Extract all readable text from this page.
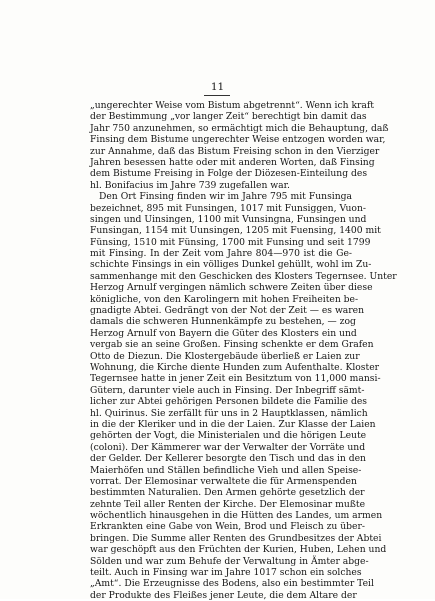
11
„ungerechter Weise vom Bistum abgetrennt“. Wenn ich kraft
der Bestimmung „vor langer Zeit“ berechtigt bin damit das
Jahr 750 anzunehmen, so ermächtigt mich die Behauptung, daß
Finsing dem Bistume ungerechter Weise entzogen worden war,
zur Annahme, daß das Bistum Freising schon in den Vierziger
Jahren besessen hatte oder mit anderen Worten, daß Finsing
dem Bistume Freising in Folge der Diözesen-Einteilung des
hl. Bonifacius im Jahre 739 zugefallen war.
Den Ort Finsing finden wir im Jahre 795 mit Funsinga
bezeichnet, 895 mit Funsingen, 1017 mit Funsiggen, Vuon-
singen und Uinsingen, 1100 mit Vunsingna, Funsingen und
Funsingan, 1154 mit Uunsingen, 1205 mit Fuensing, 1400 mit
Fünsing, 1510 mit Fünsing, 1700 mit Funsing und seit 1799
mit Finsing. In der Zeit vom Jahre 804—970 ist die Ge-
schichte Finsings in ein völliges Dunkel gehüllt, wohl im Zu-
sammenhange mit den Geschicken des Klosters Tegernsee. Unter
Herzog Arnulf vergingen nämlich schwere Zeiten über diese
königliche, von den Karolingern mit hohen Freiheiten be-
gnadigte Abtei. Gedrängt von der Not der Zeit — es waren
damals die schweren Hunnenkämpfe zu bestehen, — zog
Herzog Arnulf von Bayern die Güter des Klosters ein und
vergab sie an seine Großen. Finsing schenkte er dem Grafen
Otto de Diezun. Die Klostergebäude überließ er Laien zur
Wohnung, die Kirche diente Hunden zum Aufenthalte. Kloster
Tegernsee hatte in jener Zeit ein Besitztum von 11,000 mansi-
Gütern, darunter viele auch in Finsing. Der Inbegriff sämt-
licher zur Abtei gehörigen Personen bildete die Familie des
hl. Quirinus. Sie zerfällt für uns in 2 Hauptklassen, nämlich
in die der Kleriker und in die der Laien. Zur Klasse der Laien
gehörten der Vogt, die Ministerialen und die hörigen Leute
(coloni). Der Kämmerer war der Verwalter der Vorräte und
der Gelder. Der Kellerer besorgte den Tisch und das in den
Maierhöfen und Ställen befindliche Vieh und allen Speise-
vorrat. Der Elemosinar verwaltete die für Armenspenden
bestimmten Naturalien. Den Armen gehörte gesetzlich der
zehnte Teil aller Renten der Kirche. Der Elemosinar mußte
wöchentlich hinausgehen in die Hütten des Landes, um armen
Erkrankten eine Gabe von Wein, Brod und Fleisch zu über-
bringen. Die Summe aller Renten des Grundbesitzes der Abtei
war geschöpft aus den Früchten der Kurien, Huben, Lehen und
Sölden und war zum Behufe der Verwaltung in Ämter abge-
teilt. Auch in Finsing war im Jahre 1017 schon ein solches
„Amt“. Die Erzeugnisse des Bodens, also ein bestimmter Teil
der Produkte des Fleißes jener Leute, die dem Altare der
